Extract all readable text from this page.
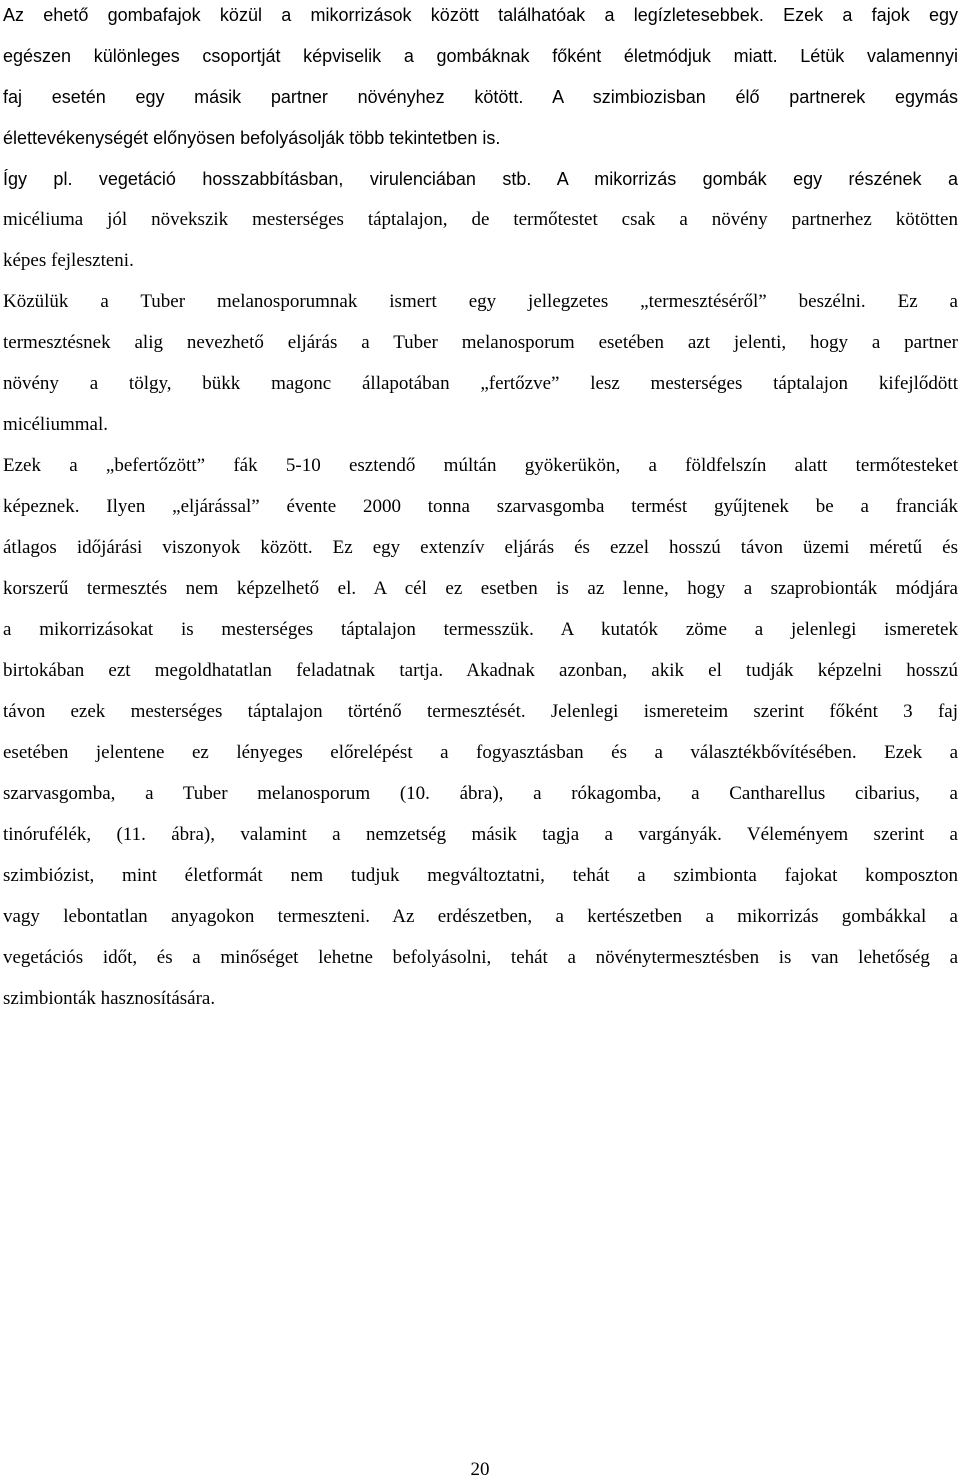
Az ehető gombafajok közül a mikorrizások között találhatóak a legízletesebbek. Ezek a fajok egy
egészen különleges csoportját képviselik a gombáknak főként életmódjuk miatt. Létük valamennyi
faj esetén egy másik partner növényhez kötött. A szimbiozisban élő partnerek egymás
élettevékenységét előnyösen befolyásolják több tekintetben is.
Így pl. vegetáció hosszabbításban, virulenciában stb. A mikorrizás gombák egy részének a
micéliuma jól növekszik mesterséges táptalajon, de termőtestet csak a növény partnerhez kötötten
képes fejleszteni.
Közülük a Tuber melanosporumnak ismert egy jellegzetes „termesztéséről” beszélni. Ez a
termesztésnek alig nevezhető eljárás a Tuber melanosporum esetében azt jelenti, hogy a partner
növény a tölgy, bükk magonc állapotában „fertőzve” lesz mesterséges táptalajon kifejlődött
micéliummal.
Ezek a „befertőzött” fák 5-10 esztendő múltán gyökerükön, a földfelszín alatt termőtesteket
képeznek. Ilyen „eljárással” évente 2000 tonna szarvasgomba termést gyűjtenek be a franciák
átlagos időjárási viszonyok között. Ez egy extenzív eljárás és ezzel hosszú távon üzemi méretű és
korszerű termesztés nem képzelhető el. A cél ez esetben is az lenne, hogy a szaprobionták módjára
a mikorrizásokat is mesterséges táptalajon termesszük. A kutatók zöme a jelenlegi ismeretek
birtokában ezt megoldhatatlan feladatnak tartja. Akadnak azonban, akik el tudják képzelni hosszú
távon ezek mesterséges táptalajon történő termesztését. Jelenlegi ismereteim szerint főként 3 faj
esetében jelentene ez lényeges előrelépést a fogyasztásban és a választékbővítésében. Ezek a
szarvasgomba, a Tuber melanosporum (10. ábra), a rókagomba, a Cantharellus cibarius, a
tinórufélék, (11. ábra), valamint a nemzetség másik tagja a vargányák. Véleményem szerint a
szimbiózist, mint életformát nem tudjuk megváltoztatni, tehát a szimbionta fajokat komposzton
vagy lebontatlan anyagokon termeszteni. Az erdészetben, a kertészetben a mikorrizás gombákkal a
vegetációs időt, és a minőséget lehetne befolyásolni, tehát a növénytermesztésben is van lehetőség a
szimbionták hasznosítására.
20
